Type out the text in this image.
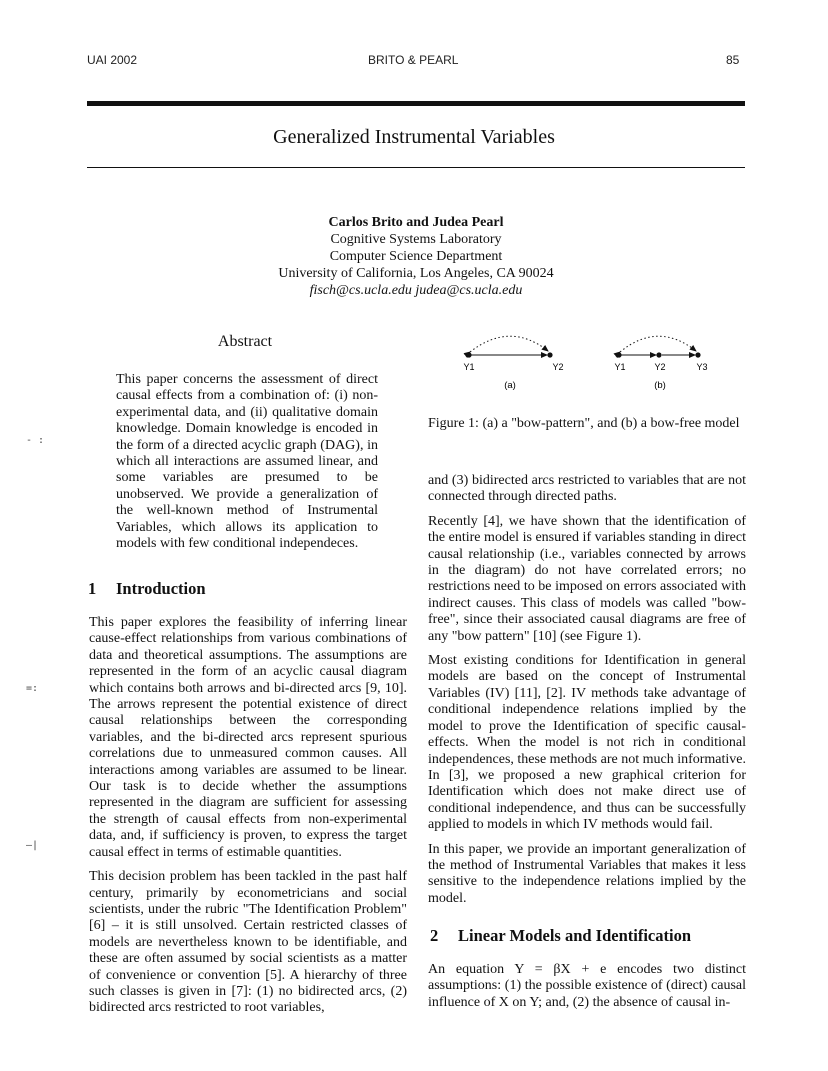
UAI 2002	BRITO & PEARL	85
Generalized Instrumental Variables
Carlos Brito and Judea Pearl
Cognitive Systems Laboratory
Computer Science Department
University of California, Los Angeles, CA 90024
fisch@cs.ucla.edu judea@cs.ucla.edu
- :
=:
—|
Abstract

This paper concerns the assessment of direct causal effects from a combination of: (i) non-experimental data, and (ii) qualitative domain knowledge. Domain knowledge is encoded in the form of a directed acyclic graph (DAG), in which all interactions are assumed linear, and some variables are presumed to be unobserved. We provide a generalization of the well-known method of Instrumental Variables, which allows its application to models with few conditional independeces.

1 Introduction

This paper explores the feasibility of inferring linear cause-effect relationships from various combinations of data and theoretical assumptions. The assumptions are represented in the form of an acyclic causal diagram which contains both arrows and bi-directed arcs [9, 10]. The arrows represent the potential existence of direct causal relationships between the corresponding variables, and the bi-directed arcs represent spurious correlations due to unmeasured common causes. All interactions among variables are assumed to be linear. Our task is to decide whether the assumptions represented in the diagram are sufficient for assessing the strength of causal effects from non-experimental data, and, if sufficiency is proven, to express the target causal effect in terms of estimable quantities.

This decision problem has been tackled in the past half century, primarily by econometricians and social scientists, under the rubric "The Identification Problem" [6] – it is still unsolved. Certain restricted classes of models are nevertheless known to be identifiable, and these are often assumed by social scientists as a matter of convenience or convention [5]. A hierarchy of three such classes is given in [7]: (1) no bidirected arcs, (2) bidirected arcs restricted to root variables,

Y1	Y2
(a)
Y1	Y2	Y3
(b)
Figure 1: (a) a "bow-pattern", and (b) a bow-free model

and (3) bidirected arcs restricted to variables that are not connected through directed paths.

Recently [4], we have shown that the identification of the entire model is ensured if variables standing in direct causal relationship (i.e., variables connected by arrows in the diagram) do not have correlated errors; no restrictions need to be imposed on errors associated with indirect causes. This class of models was called "bow-free", since their associated causal diagrams are free of any "bow pattern" [10] (see Figure 1).

Most existing conditions for Identification in general models are based on the concept of Instrumental Variables (IV) [11], [2]. IV methods take advantage of conditional independence relations implied by the model to prove the Identification of specific causal-effects. When the model is not rich in conditional independences, these methods are not much informative. In [3], we proposed a new graphical criterion for Identification which does not make direct use of conditional independence, and thus can be successfully applied to models in which IV methods would fail.

In this paper, we provide an important generalization of the method of Instrumental Variables that makes it less sensitive to the independence relations implied by the model.

2 Linear Models and Identification

An equation Y = βX + e encodes two distinct assumptions: (1) the possible existence of (direct) causal influence of X on Y; and, (2) the absence of causal in-
